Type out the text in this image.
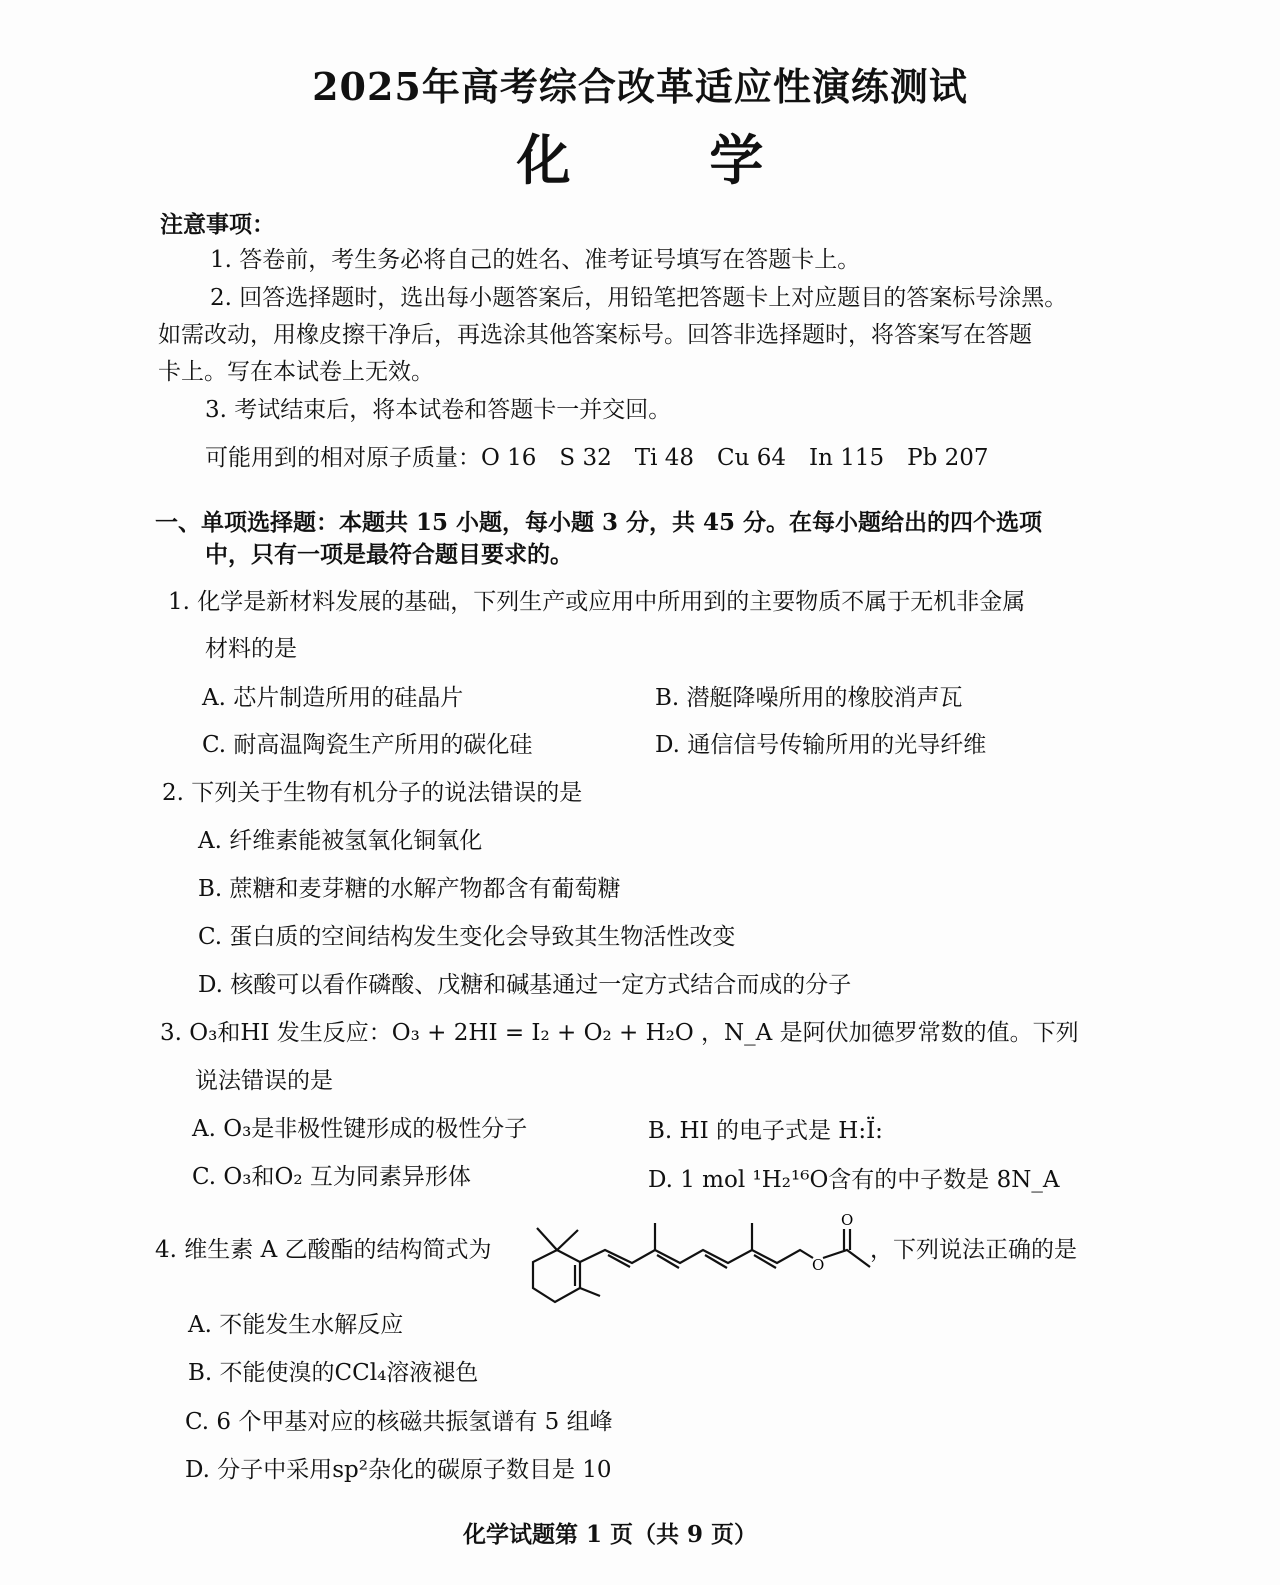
2025年高考综合改革适应性演练测试
化 学
注意事项：
1. 答卷前，考生务必将自己的姓名、准考证号填写在答题卡上。
2. 回答选择题时，选出每小题答案后，用铅笔把答题卡上对应题目的答案标号涂黑。
如需改动，用橡皮擦干净后，再选涂其他答案标号。回答非选择题时，将答案写在答题
卡上。写在本试卷上无效。
3. 考试结束后，将本试卷和答题卡一并交回。
可能用到的相对原子质量：O 16　S 32　Ti 48　Cu 64　In 115　Pb 207
一、单项选择题：本题共 15 小题，每小题 3 分，共 45 分。在每小题给出的四个选项
中，只有一项是最符合题目要求的。
1. 化学是新材料发展的基础，下列生产或应用中所用到的主要物质不属于无机非金属
材料的是
A. 芯片制造所用的硅晶片	B. 潜艇降噪所用的橡胶消声瓦
C. 耐高温陶瓷生产所用的碳化硅	D. 通信信号传输所用的光导纤维
2. 下列关于生物有机分子的说法错误的是
A. 纤维素能被氢氧化铜氧化
B. 蔗糖和麦芽糖的水解产物都含有葡萄糖
C. 蛋白质的空间结构发生变化会导致其生物活性改变
D. 核酸可以看作磷酸、戊糖和碱基通过一定方式结合而成的分子
3. O₃和HI 发生反应：O₃ + 2HI = I₂ + O₂ + H₂O ，N_A 是阿伏加德罗常数的值。下列
说法错误的是
A. O₃是非极性键形成的极性分子	B. HI 的电子式是 H:Ï:
C. O₃和O₂ 互为同素异形体	D. 1 mol ¹H₂¹⁶O含有的中子数是 8N_A
4. 维生素 A 乙酸酯的结构简式为	，下列说法正确的是
O
O
A. 不能发生水解反应
B. 不能使溴的CCl₄溶液褪色
C. 6 个甲基对应的核磁共振氢谱有 5 组峰
D. 分子中采用sp²杂化的碳原子数目是 10
化学试题第 1 页（共 9 页）
